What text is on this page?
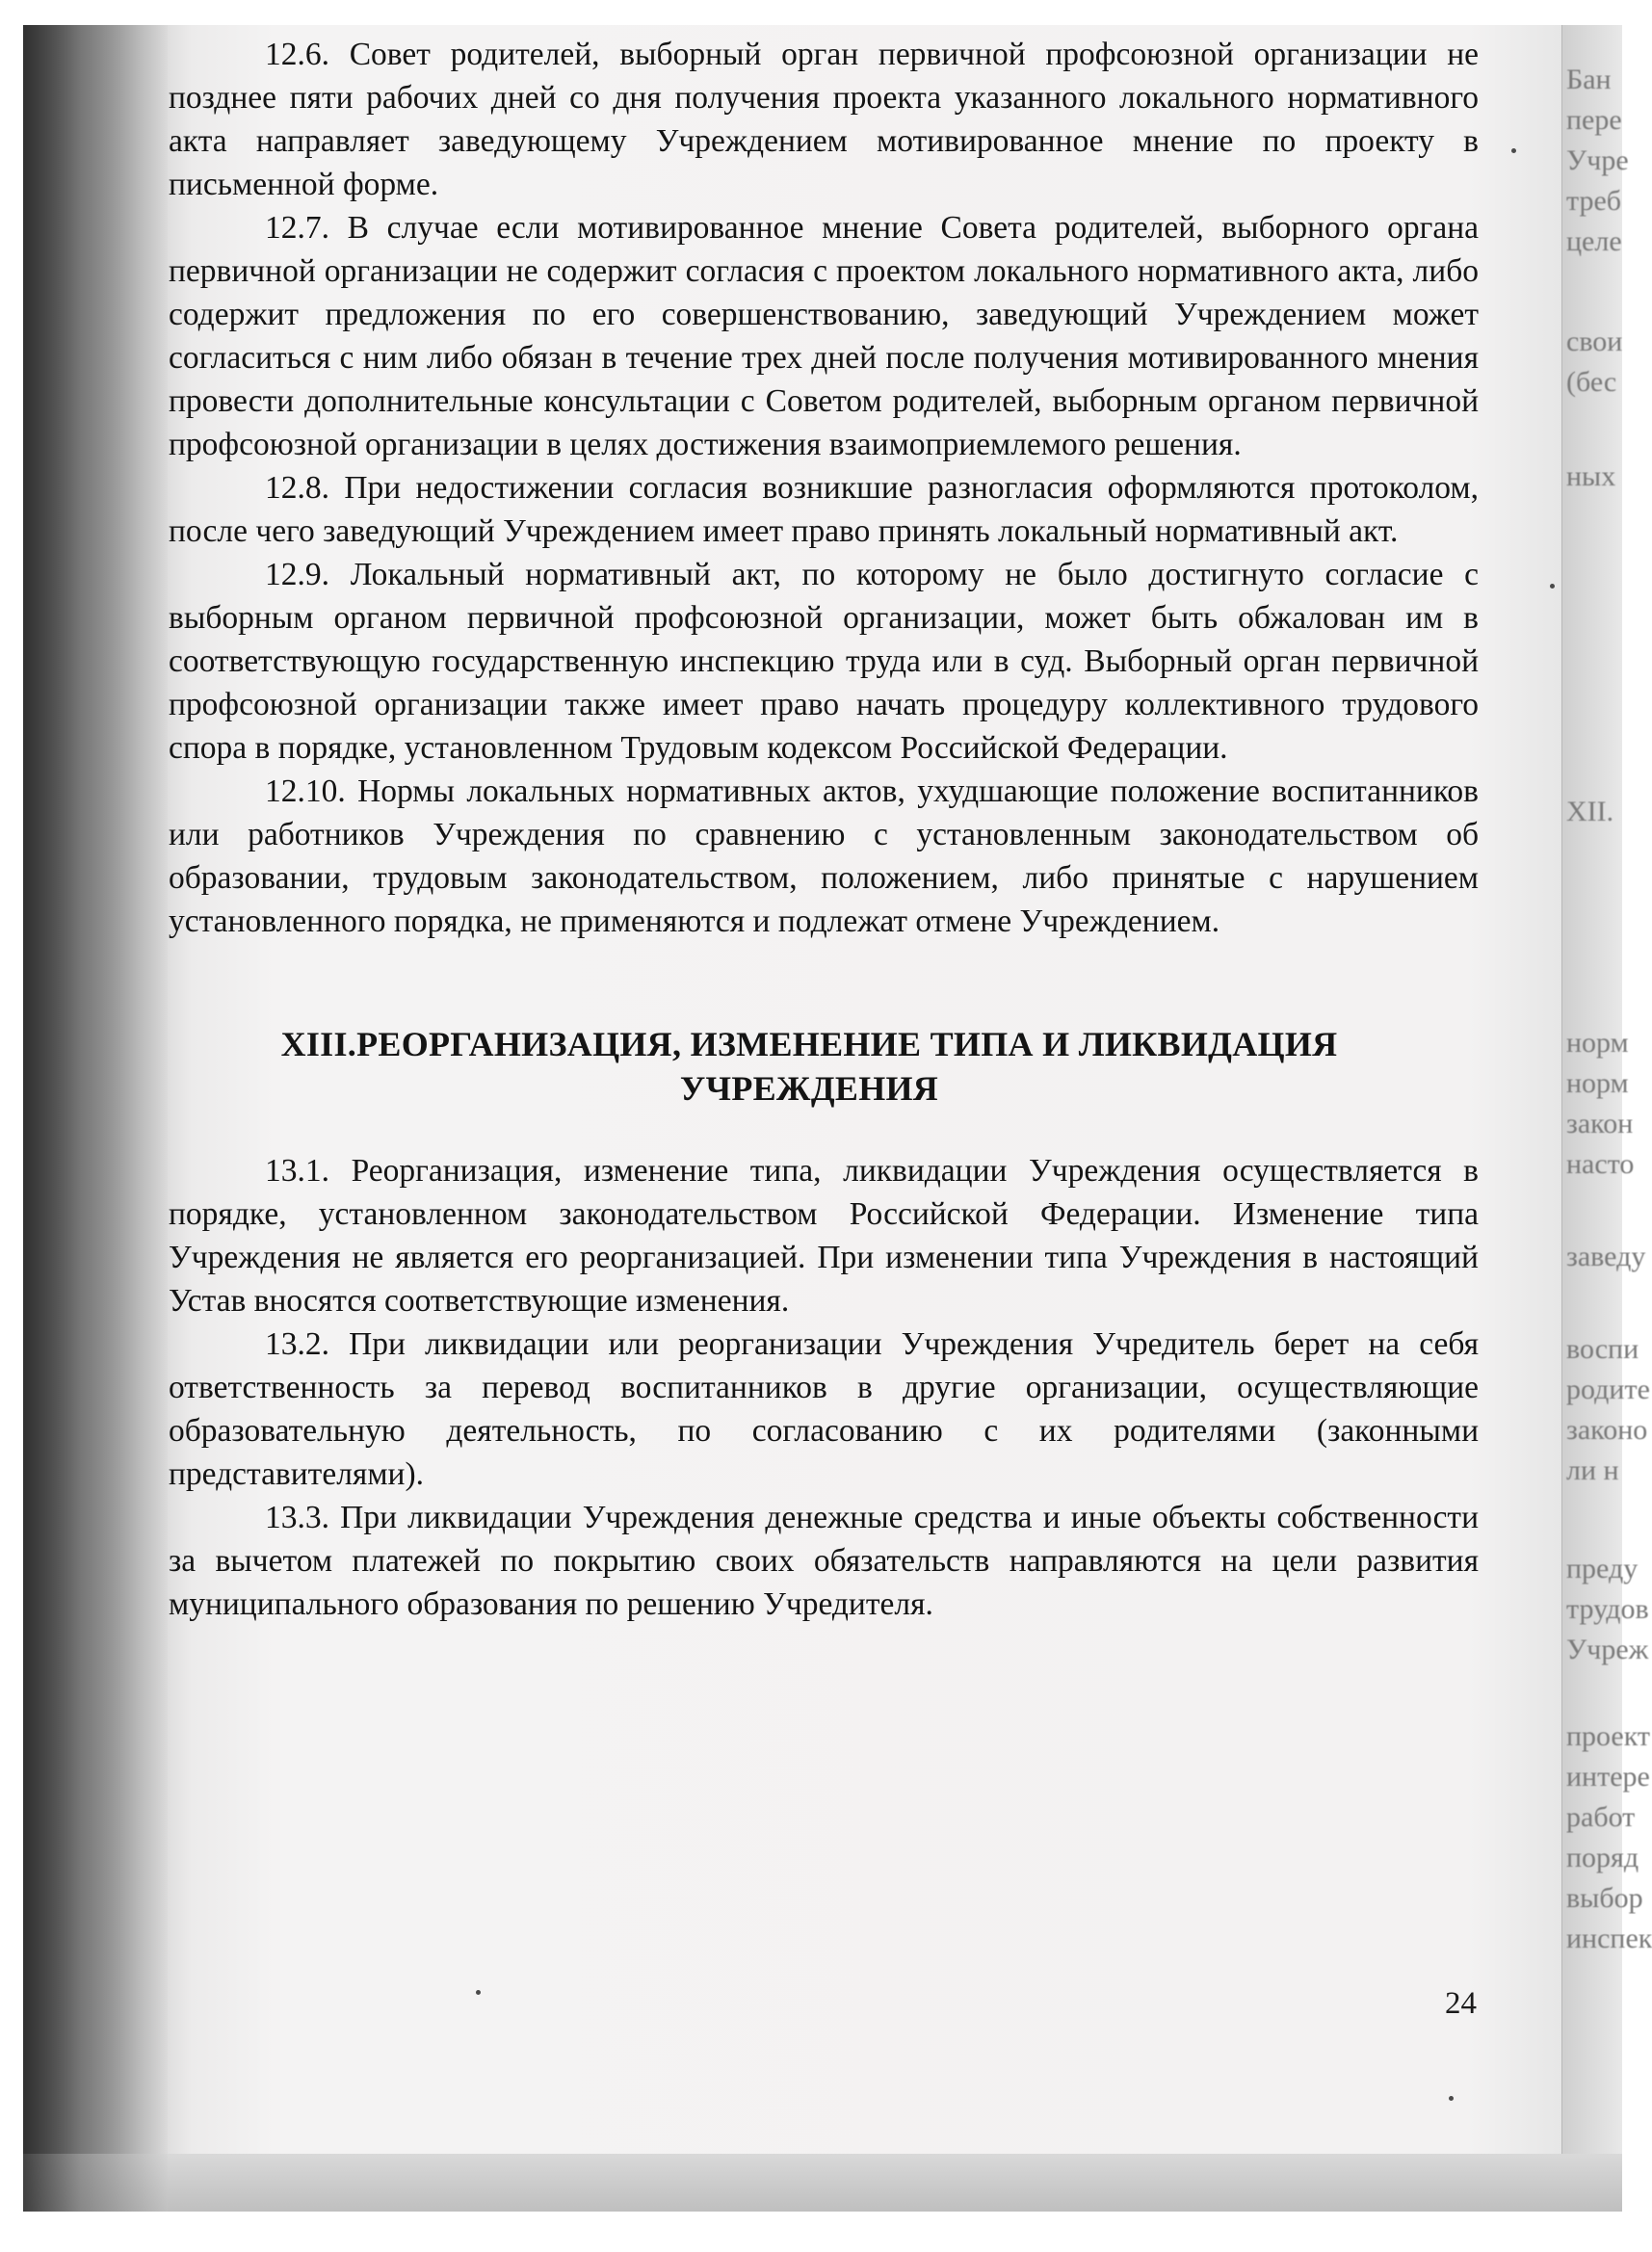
Бан
пере
Учре
треб
целе
свои
(бес
ных
XII.
норм
норм
закон
насто
заведу
воспи
родите
законо
ли н
преду
трудов
Учреж
проект
интере
работ
поряд
выбор
инспек

12.6. Совет родителей, выборный орган первичной профсоюзной организации не позднее пяти рабочих дней со дня получения проекта указанного локального нормативного акта направляет заведующему Учреждением мотивированное мнение по проекту в письменной форме.

12.7. В случае если мотивированное мнение Совета родителей, выборного органа первичной организации не содержит согласия с проектом локального нормативного акта, либо содержит предложения по его совершенствованию, заведующий Учреждением может согласиться с ним либо обязан в течение трех дней после получения мотивированного мнения провести дополнительные консультации с Советом родителей, выборным органом первичной профсоюзной организации в целях достижения взаимоприемлемого решения.

12.8. При недостижении согласия возникшие разногласия оформляются протоколом, после чего заведующий Учреждением имеет право принять локальный нормативный акт.

12.9. Локальный нормативный акт, по которому не было достигнуто согласие с выборным органом первичной профсоюзной организации, может быть обжалован им в соответствующую государственную инспекцию труда или в суд. Выборный орган первичной профсоюзной организации также имеет право начать процедуру коллективного трудового спора в порядке, установленном Трудовым кодексом Российской Федерации.

12.10. Нормы локальных нормативных актов, ухудшающие положение воспитанников или работников Учреждения по сравнению с установленным законодательством об образовании, трудовым законодательством, положением, либо принятые с нарушением установленного порядка, не применяются и подлежат отмене Учреждением.

XIII.РЕОРГАНИЗАЦИЯ, ИЗМЕНЕНИЕ ТИПА И ЛИКВИДАЦИЯ
УЧРЕЖДЕНИЯ

13.1. Реорганизация, изменение типа, ликвидации Учреждения осуществляется в порядке, установленном законодательством Российской Федерации. Изменение типа Учреждения не является его реорганизацией. При изменении типа Учреждения в настоящий Устав вносятся соответствующие изменения.

13.2. При ликвидации или реорганизации Учреждения Учредитель берет на себя ответственность за перевод воспитанников в другие организации, осуществляющие образовательную деятельность, по согласованию с их родителями (законными представителями).

13.3. При ликвидации Учреждения денежные средства и иные объекты собственности за вычетом платежей по покрытию своих обязательств направляются на цели развития муниципального образования по решению Учредителя.

24
